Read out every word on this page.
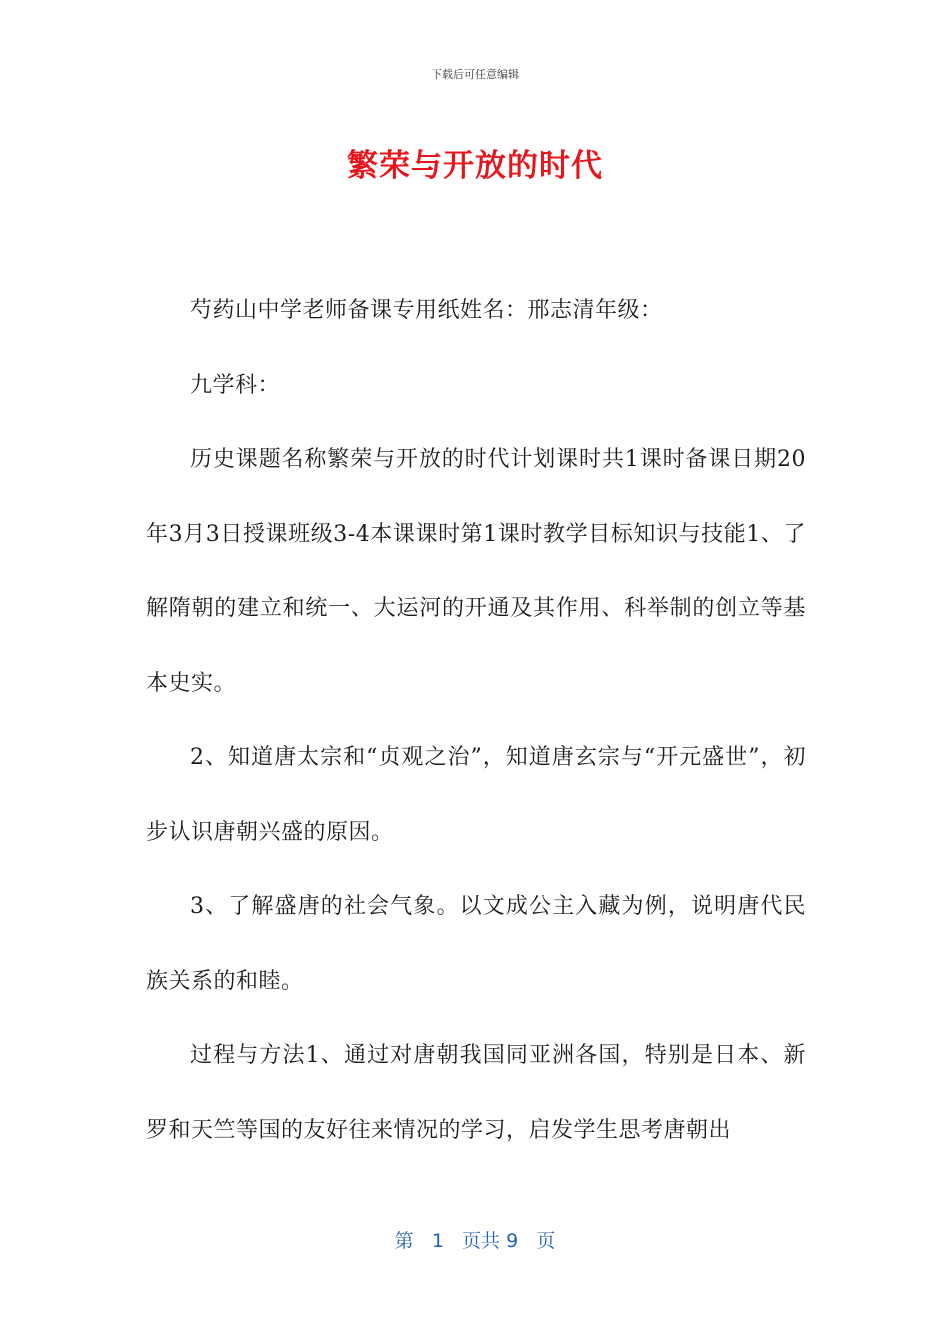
下载后可任意编辑
繁荣与开放的时代

芍药山中学老师备课专用纸姓名：邢志清年级：

九学科：

历史课题名称繁荣与开放的时代计划课时共1课时备课日期20年3月3日授课班级3-4本课课时第1课时教学目标知识与技能1、了解隋朝的建立和统一、大运河的开通及其作用、科举制的创立等基本史实。

2、知道唐太宗和“贞观之治”，知道唐玄宗与“开元盛世”，初步认识唐朝兴盛的原因。

3、了解盛唐的社会气象。以文成公主入藏为例，说明唐代民族关系的和睦。

过程与方法1、通过对唐朝我国同亚洲各国，特别是日本、新罗和天竺等国的友好往来情况的学习，启发学生思考唐朝出

第 1 页共 9 页
